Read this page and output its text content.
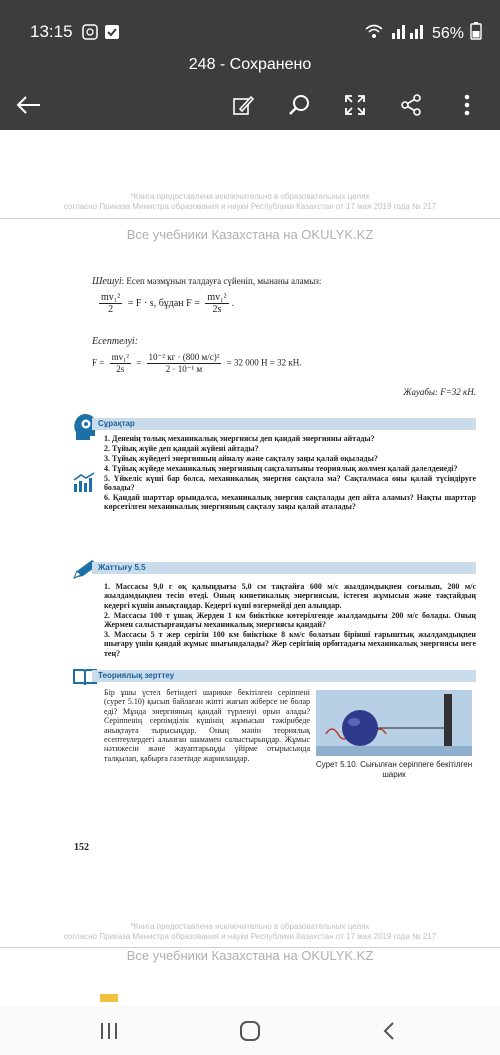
13:15	56%
248 - Сохранено
*Книга предоставлена исключительно в образовательных целях
согласно Приказа Министра образования и науки Республики Казахстан от 17 мая 2019 года № 217
Все учебники Казахстана на OKULYK.KZ
Шешуі: Есеп мазмұнын талдауға сүйеніп, мынаны аламыз:
$\frac{\text{mv₁²}}{2} = F \cdot s$, бұдан $F = \frac{\text{mv₁²}}{2s}$ .
Есептелуі:
$F = \frac{\text{mv₁²}}{2s} = \frac{\text{10⁻² кг · (800 м/с)²}}{\text{2 · 10⁻¹ м}} = 32$ 000 Н = 32 кН.
Жауабы: F=32 кН.
Сұрақтар

1. Дененің толық механикалық энергиясы деп қандай энергияны айтады?

2. Тұйық жүйе деп қандай жүйені айтады?

3. Тұйық жүйедегі энергияның айналу және сақталу заңы қалай оқылады?

4. Тұйық жүйеде механикалық энергияның сақталатыны теориялық жолмен қалай дәлелденеді?

5. Үйкеліс күші бар болса, механикалық энергия сақтала ма? Сақталмаса оны қалай түсіндіруге болады?

6. Қандай шарттар орындалса, механикалық энергия сақталады деп айта аламыз? Нақты шарттар көрсетілген механикалық энергияның сақталу заңы қалай аталады?

Жаттығу 5.5

1. Массасы 9,0 г оқ қалыңдығы 5,0 см тақтайға 600 м/с жылдамдықпен соғылып, 200 м/с жылдамдықпен тесіп өтеді. Оның кинетикалық энергиясын, істеген жұмысын және тақтайдың кедергі күшін анықтаңдар. Кедергі күші өзгермейді деп алыңдар.

2. Массасы 100 т ұшақ Жерден 1 км биіктікке көтерілгенде жылдамдығы 200 м/с болады. Оның Жермен салыстырғандағы механикалық энергиясы қандай?

3. Массасы 5 т жер серігін 100 км биіктікке 8 км/с болатын бірінші ғарыштық жылдамдықпен шығару үшін қандай жұмыс шығындалады? Жер серігінің орбитадағы механикалық энергиясы неге тең?

Теориялық зерттеу
Бір ұшы үстел бетіндегі шарикке бекітілген серіппені (сурет 5.10) қысып байлаған жіпті жағып жіберсе не болар еді? Мұнда энергияның қандай түрленуі орын алады? Серіппенің серпімділік күшінің жұмысын тәжірибеде анықтауға тырысыңдар. Оның мәнін теориялық есептеулердегі алынған шамамен салыстырыңдар. Жұмыс нәтижесін және жауаптарыңды үйірме отырысында талқылап, қабырға газетінде жариялаңдар.
Сурет 5.10. Сығылған серіппеге бекітілген шарик
152
*Книга предоставлена исключительно в образовательных целях
согласно Приказа Министра образования и науки Республики Казахстан от 17 мая 2019 года № 217
Все учебники Казахстана на OKULYK.KZ
